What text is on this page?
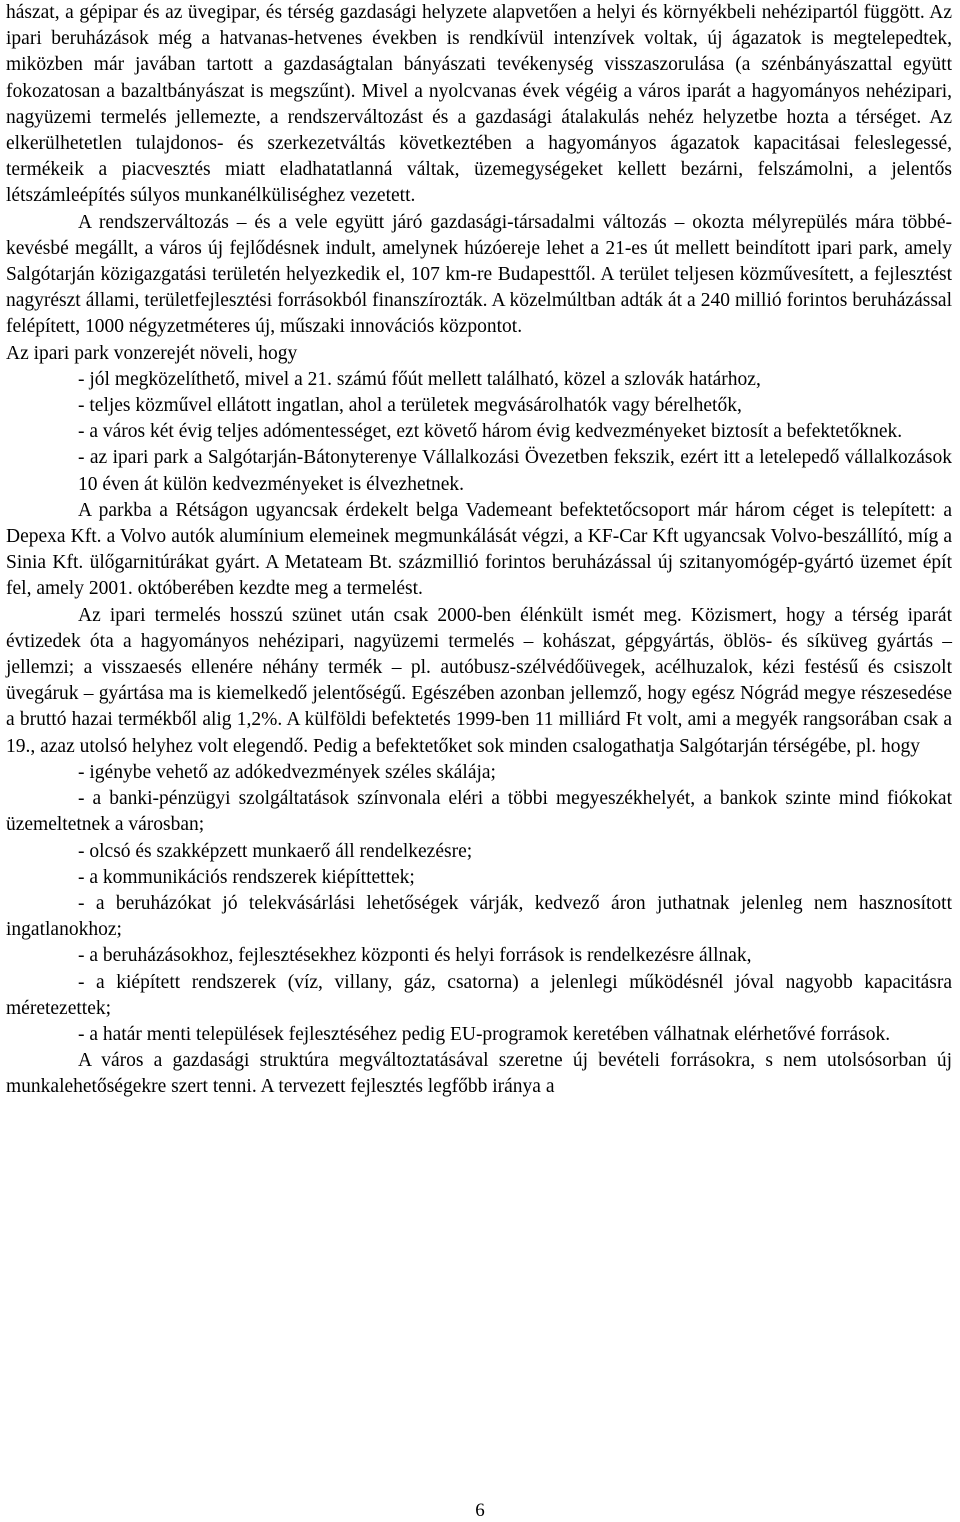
hászat, a gépipar és az üvegipar, és térség gazdasági helyzete alapvetően a helyi és környékbeli nehézipartól függött. Az ipari beruházások még a hatvanas-hetvenes években is rendkívül intenzívek voltak, új ágazatok is megtelepedtek, miközben már javában tartott a gazdaságtalan bányászati tevékenység visszaszorulása (a szénbányászattal együtt fokozatosan a bazaltbányászat is megszűnt). Mivel a nyolcvanas évek végéig a város iparát a hagyományos nehézipari, nagyüzemi termelés jellemezte, a rendszerváltozást és a gazdasági átalakulás nehéz helyzetbe hozta a térséget. Az elkerülhetetlen tulajdonos- és szerkezetváltás következtében a hagyományos ágazatok kapacitásai feleslegessé, termékeik a piacvesztés miatt eladhatatlanná váltak, üzemegységeket kellett bezárni, felszámolni, a jelentős létszámleépítés súlyos munkanélküliséghez vezetett.

A rendszerváltozás – és a vele együtt járó gazdasági-társadalmi változás – okozta mélyrepülés mára többé-kevésbé megállt, a város új fejlődésnek indult, amelynek húzóereje lehet a 21-es út mellett beindított ipari park, amely Salgótarján közigazgatási területén helyezkedik el, 107 km-re Budapesttől. A terület teljesen közművesített, a fejlesztést nagyrészt állami, területfejlesztési forrásokból finanszírozták. A közelmúltban adták át a 240 millió forintos beruházással felépített, 1000 négyzetméteres új, műszaki innovációs központot.

Az ipari park vonzerejét növeli, hogy

- jól megközelíthető, mivel a 21. számú főút mellett található, közel a szlovák határhoz,

- teljes közművel ellátott ingatlan, ahol a területek megvásárolhatók vagy bérelhetők,

- a város két évig teljes adómentességet, ezt követő három évig kedvezményeket biztosít a befektetőknek.

- az ipari park a Salgótarján-Bátonyterenye Vállalkozási Övezetben fekszik, ezért itt a letelepedő vállalkozások 10 éven át külön kedvezményeket is élvezhetnek.

A parkba a Rétságon ugyancsak érdekelt belga Vademeant befektetőcsoport már három céget is telepített: a Depexa Kft. a Volvo autók alumínium elemeinek megmunkálását végzi, a KF-Car Kft ugyancsak Volvo-beszállító, míg a Sinia Kft. ülőgarnitúrákat gyárt. A Metateam Bt. százmillió forintos beruházással új szitanyomógép-gyártó üzemet épít fel, amely 2001. októberében kezdte meg a termelést.

Az ipari termelés hosszú szünet után csak 2000-ben élénkült ismét meg. Közismert, hogy a térség iparát évtizedek óta a hagyományos nehézipari, nagyüzemi termelés – kohászat, gépgyártás, öblös- és síküveg gyártás – jellemzi; a visszaesés ellenére néhány termék – pl. autóbusz-szélvédőüvegek, acélhuzalok, kézi festésű és csiszolt üvegáruk – gyártása ma is kiemelkedő jelentőségű. Egészében azonban jellemző, hogy egész Nógrád megye részesedése a bruttó hazai termékből alig 1,2%. A külföldi befektetés 1999-ben 11 milliárd Ft volt, ami a megyék rangsorában csak a 19., azaz utolsó helyhez volt elegendő. Pedig a befektetőket sok minden csalogathatja Salgótarján térségébe, pl. hogy

- igénybe vehető az adókedvezmények széles skálája;

- a banki-pénzügyi szolgáltatások színvonala eléri a többi megyeszékhelyét, a bankok szinte mind fiókokat üzemeltetnek a városban;

- olcsó és szakképzett munkaerő áll rendelkezésre;

- a kommunikációs rendszerek kiépíttettek;

- a beruházókat jó telekvásárlási lehetőségek várják, kedvező áron juthatnak jelenleg nem hasznosított ingatlanokhoz;

- a beruházásokhoz, fejlesztésekhez központi és helyi források is rendelkezésre állnak,

- a kiépített rendszerek (víz, villany, gáz, csatorna) a jelenlegi működésnél jóval nagyobb kapacitásra méretezettek;

- a határ menti települések fejlesztéséhez pedig EU-programok keretében válhatnak elérhetővé források.

A város a gazdasági struktúra megváltoztatásával szeretne új bevételi forrásokra, s nem utolsósorban új munkalehetőségekre szert tenni. A tervezett fejlesztés legfőbb iránya a

6
